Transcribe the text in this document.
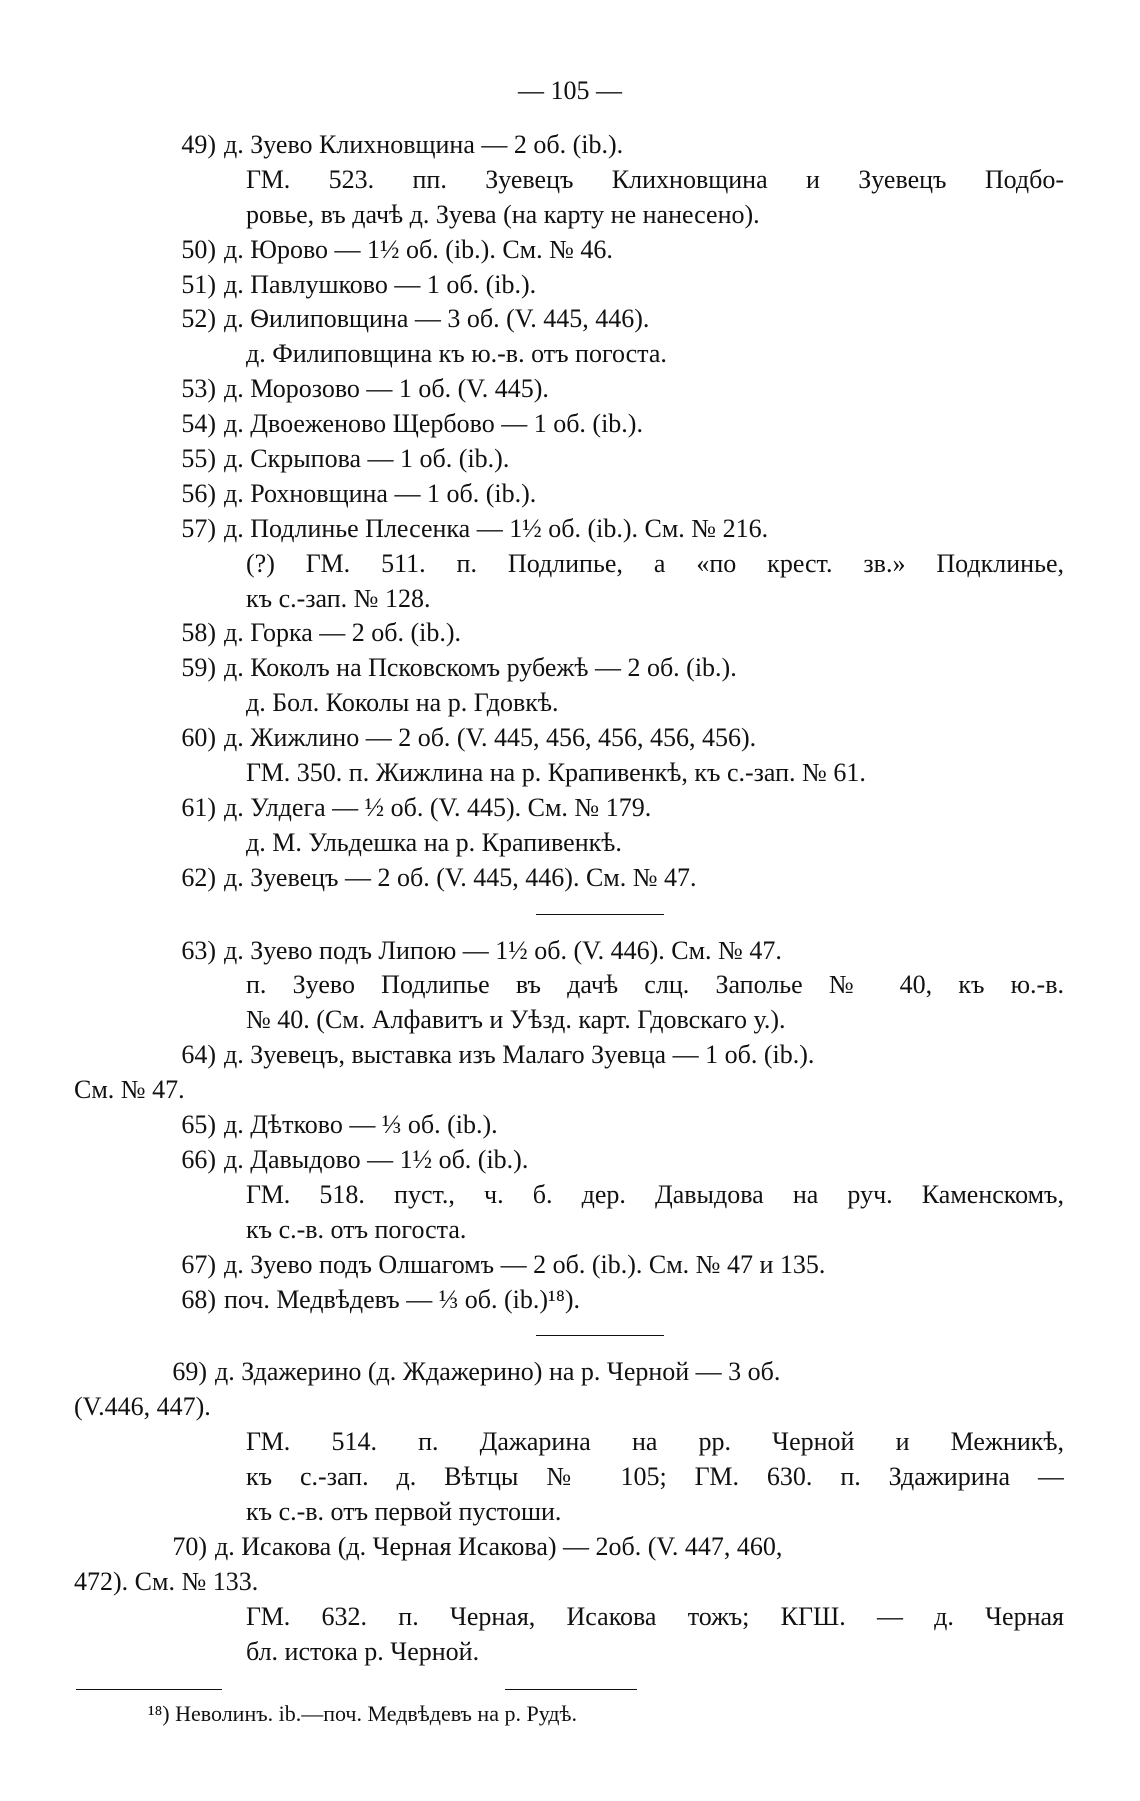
— 105 —
49) д. Зуево Клихновщина — 2 об. (ib.).
ГМ. 523. пп. Зуевецъ Клихновщина и Зуевецъ Подбо-
ровье, въ дачѣ д. Зуева (на карту не нанесено).
50) д. Юрово — 1½ об. (ib.). См. № 46.
51) д. Павлушково — 1 об. (ib.).
52) д. Ѳилиповщина — 3 об. (V. 445, 446).
д. Филиповщина къ ю.-в. отъ погоста.
53) д. Морозово — 1 об. (V. 445).
54) д. Двоеженово Щербово — 1 об. (ib.).
55) д. Скрыпова — 1 об. (ib.).
56) д. Рохновщина — 1 об. (ib.).
57) д. Подлинье Плесенка — 1½ об. (ib.). См. № 216.
(?) ГМ. 511. п. Подлипье, а «по крест. зв.» Подклинье,
къ с.-зап. № 128.
58) д. Горка — 2 об. (ib.).
59) д. Коколъ на Псковскомъ рубежѣ — 2 об. (ib.).
д. Бол. Коколы на р. Гдовкѣ.
60) д. Жижлино — 2 об. (V. 445, 456, 456, 456, 456).
ГМ. 350. п. Жижлина на р. Крапивенкѣ, къ с.-зап. № 61.
61) д. Улдега — ½ об. (V. 445). См. № 179.
д. М. Ульдешка на р. Крапивенкѣ.
62) д. Зуевецъ — 2 об. (V. 445, 446). См. № 47.
63) д. Зуево подъ Липою — 1½ об. (V. 446). См. № 47.
п. Зуево Подлипье въ дачѣ слц. Заполье № 40, къ ю.-в.
№ 40. (См. Алфавитъ и Уѣзд. карт. Гдовскаго у.).
64) д. Зуевецъ, выставка изъ Малаго Зуевца — 1 об. (ib.).
См. № 47.
65) д. Дѣтково — ⅓ об. (ib.).
66) д. Давыдово — 1½ об. (ib.).
ГМ. 518. пуст., ч. б. дер. Давыдова на руч. Каменскомъ,
къ с.-в. отъ погоста.
67) д. Зуево подъ Олшагомъ — 2 об. (ib.). См. № 47 и 135.
68) поч. Медвѣдевъ — ⅓ об. (ib.)¹⁸).
69) д. Здажерино (д. Ждажерино) на р. Черной — 3 об.
(V.446, 447).
ГМ. 514. п. Дажарина на рр. Черной и Межникѣ,
къ с.-зап. д. Вѣтцы № 105; ГМ. 630. п. Здажирина —
къ с.-в. отъ первой пустоши.
70) д. Исакова (д. Черная Исакова) — 2об. (V. 447, 460,
472). См. № 133.
ГМ. 632. п. Черная, Исакова тожъ; КГШ. — д. Черная
бл. истока р. Черной.
¹⁸) Неволинъ. ib.—поч. Медвѣдевъ на р. Рудѣ.
